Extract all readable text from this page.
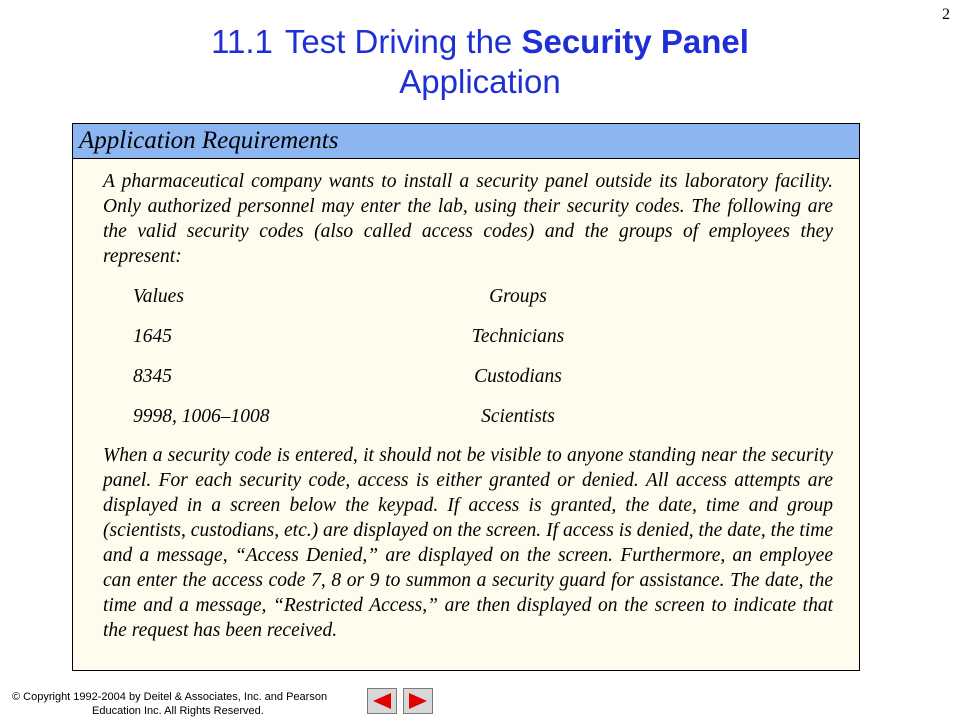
2
11.1 Test Driving the Security Panel
Application
Application Requirements

A pharmaceutical company wants to install a security panel outside its laboratory facility. Only authorized personnel may enter the lab, using their security codes. The following are the valid security codes (also called access codes) and the groups of employees they represent:

Values	Groups
1645	Technicians
8345	Custodians
9998, 1006–1008	Scientists

When a security code is entered, it should not be visible to anyone standing near the security panel. For each security code, access is either granted or denied. All access attempts are displayed in a screen below the keypad. If access is granted, the date, time and group (scientists, custodians, etc.) are displayed on the screen. If access is denied, the date, the time and a message, “Access Denied,” are displayed on the screen. Furthermore, an employee can enter the access code 7, 8 or 9 to summon a security guard for assistance. The date, the time and a message, “Restricted Access,” are then displayed on the screen to indicate that the request has been received.

© Copyright 1992-2004 by Deitel & Associates, Inc. and Pearson
Education Inc. All Rights Reserved.
